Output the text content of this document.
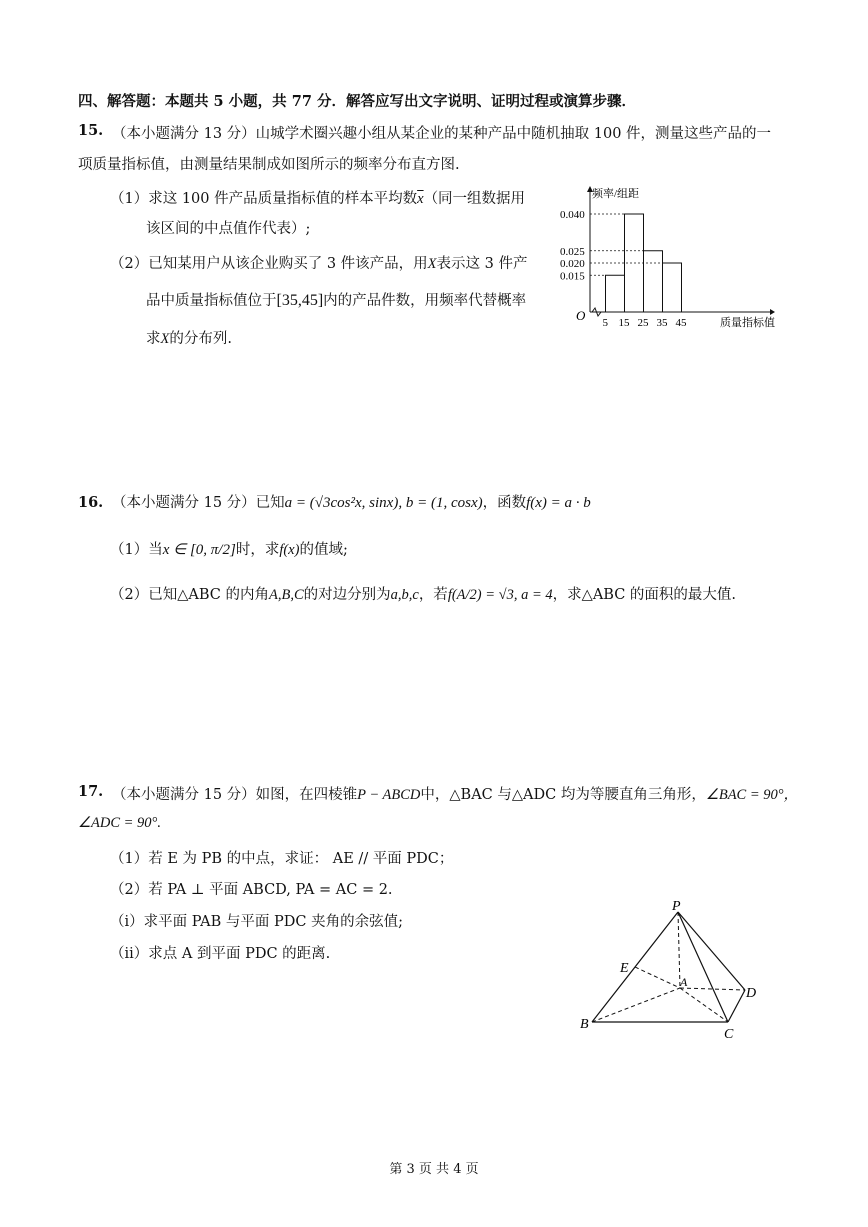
四、解答题：本题共 5 小题，共 77 分．解答应写出文字说明、证明过程或演算步骤．
15. （本小题满分 13 分）山城学术圈兴趣小组从某企业的某种产品中随机抽取 100 件，测量这些产品的一
项质量指标值，由测量结果制成如图所示的频率分布直方图.
（1）求这 100 件产品质量指标值的样本平均数$\overline{x}$（同一组数据用
该区间的中点值作代表）;
（2）已知某用户从该企业购买了 3 件该产品，用X表示这 3 件产
品中质量指标值位于[35,45]内的产品件数，用频率代替概率
求X的分布列.
O
频率/组距
质量指标值
0.015
0.020
0.025
0.040
5 15 25 35 45
16. （本小题满分 15 分）已知a = (√3cos²x, sinx), b = (1, cosx)，函数f(x) = a · b
（1）当x ∈ [0, π/2]时，求f(x)的值域;
（2）已知△ABC 的内角A,B,C的对边分别为a,b,c，若f(A/2) = √3, a = 4，求△ABC 的面积的最大值.
17. （本小题满分 15 分）如图，在四棱锥P − ABCD中，△BAC 与△ADC 均为等腰直角三角形，∠BAC = 90°，
∠ADC = 90°.
（1）若 E 为 PB 的中点，求证： AE // 平面 PDC；
（2）若 PA ⊥ 平面 ABCD, PA = AC = 2.
（i）求平面 PAB 与平面 PDC 夹角的余弦值;
（ii）求点 A 到平面 PDC 的距离.
P
E
A
D
B
C
第 3 页 共 4 页
